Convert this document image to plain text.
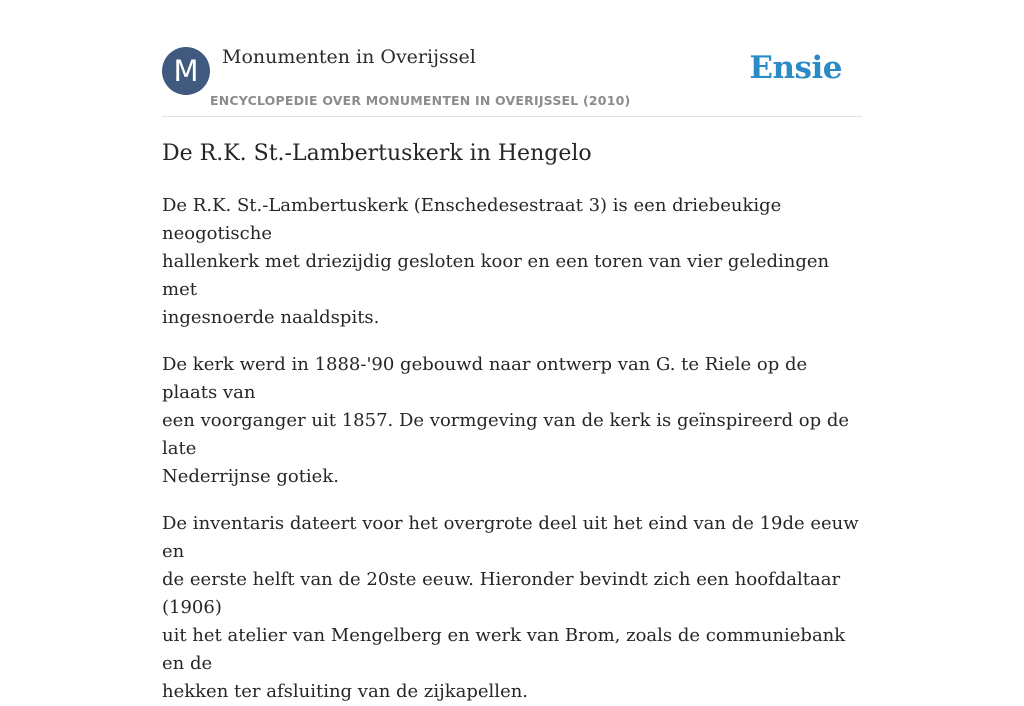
M	Monumenten in Overijssel
ENCYCLOPEDIE OVER MONUMENTEN IN OVERIJSSEL (2010)
Ensie
De R.K. St.-Lambertuskerk in Hengelo

De R.K. St.-Lambertuskerk (Enschedesestraat 3) is een driebeukige neogotische
hallenkerk met driezijdig gesloten koor en een toren van vier geledingen met
ingesnoerde naaldspits.

De kerk werd in 1888-'90 gebouwd naar ontwerp van G. te Riele op de plaats van
een voorganger uit 1857. De vormgeving van de kerk is geïnspireerd op de late
Nederrijnse gotiek.

De inventaris dateert voor het overgrote deel uit het eind van de 19de eeuw en
de eerste helft van de 20ste eeuw. Hieronder bevindt zich een hoofdaltaar (1906)
uit het atelier van Mengelberg en werk van Brom, zoals de communiebank en de
hekken ter afsluiting van de zijkapellen.
